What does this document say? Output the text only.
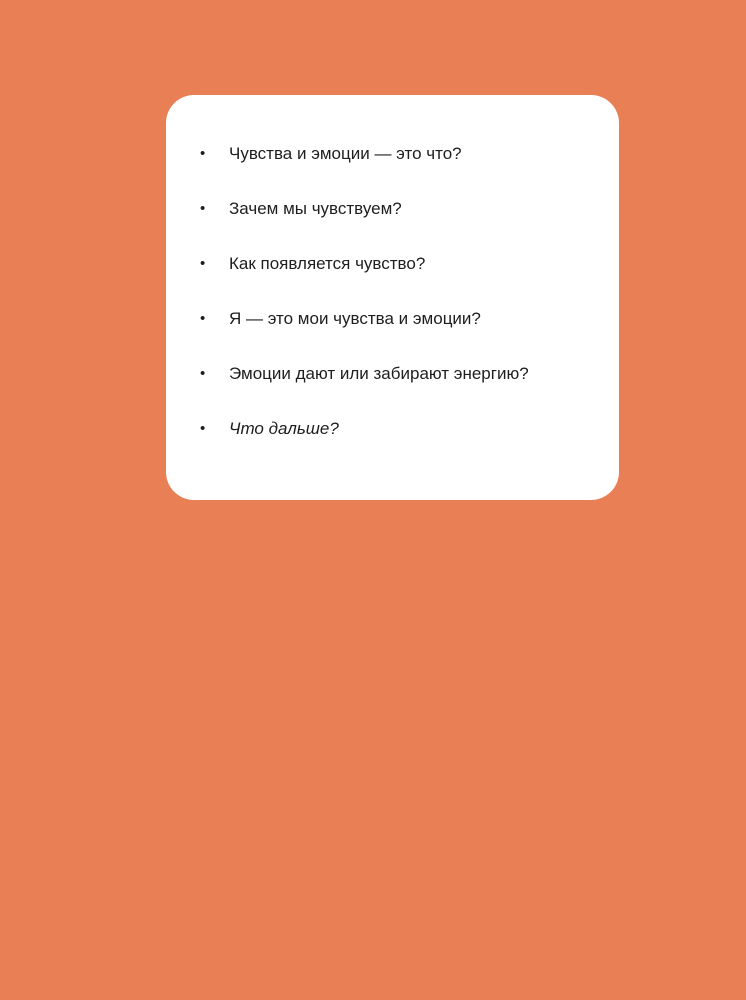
• Чувства и эмоции — это что?
• Зачем мы чувствуем?
• Как появляется чувство?
• Я — это мои чувства и эмоции?
• Эмоции дают или забирают энергию?
• Что дальше?
